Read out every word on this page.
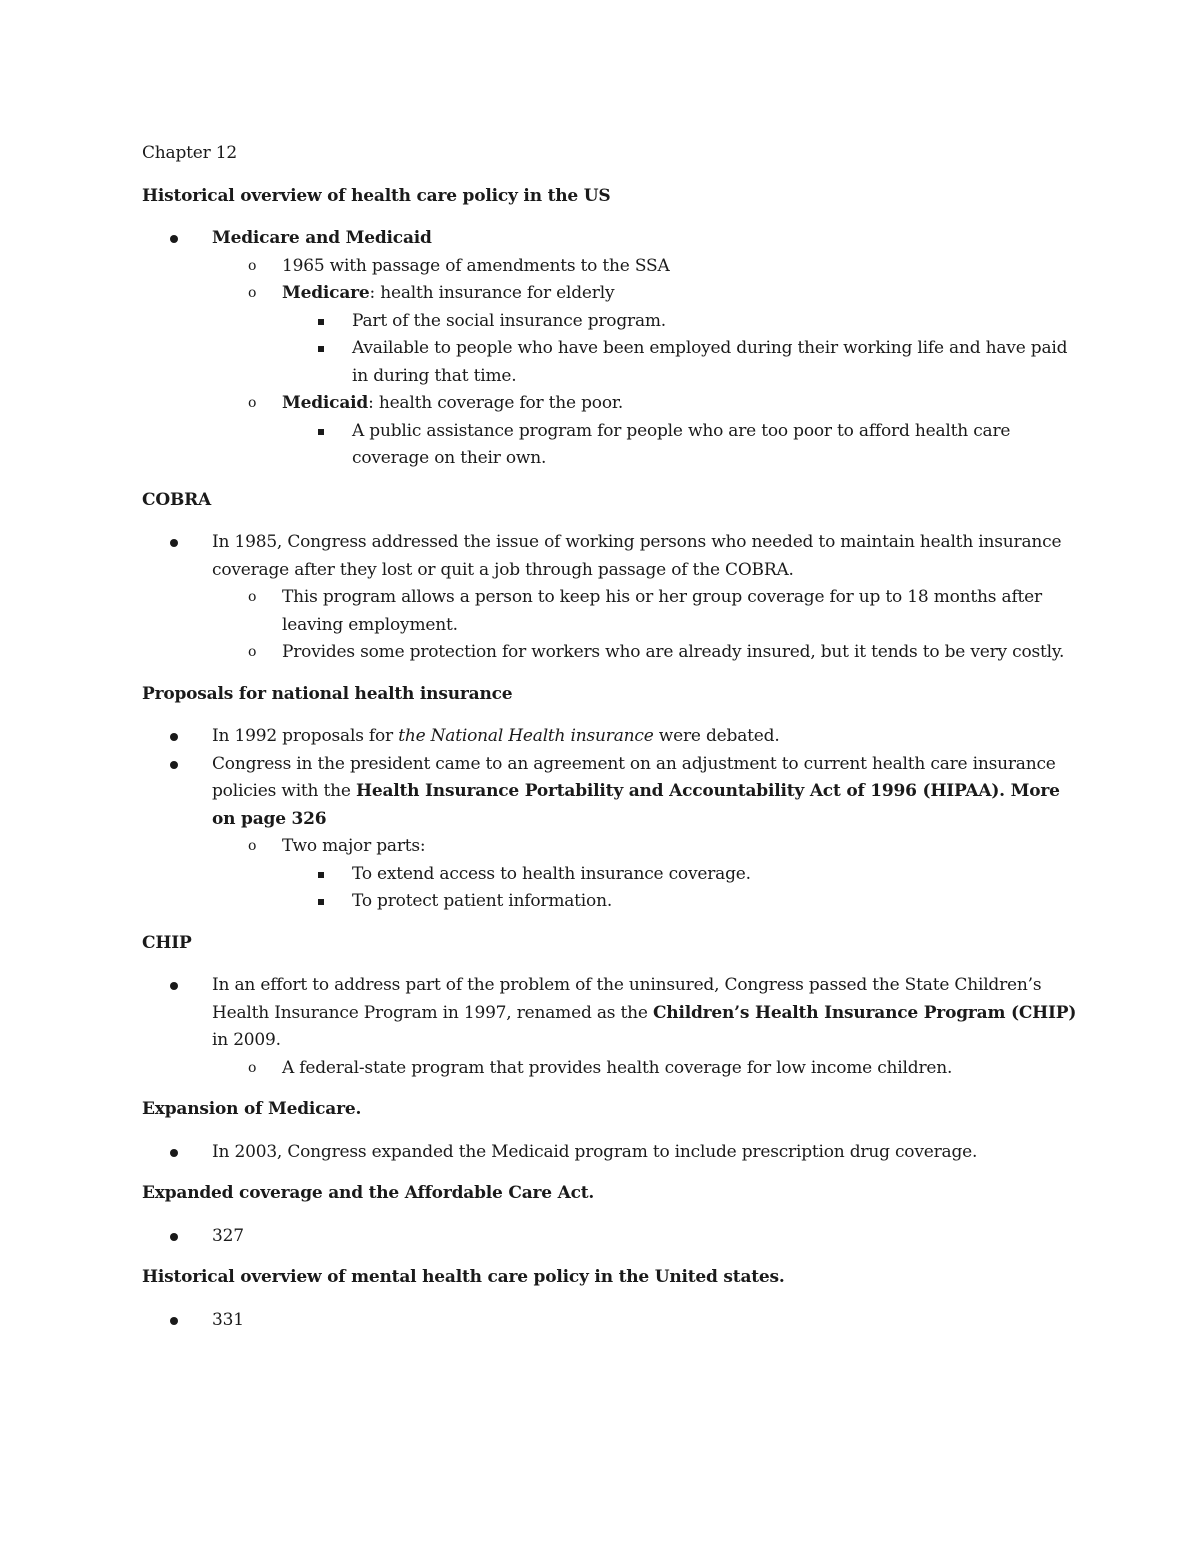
Chapter 12

Historical overview of health care policy in the US

Medicare and Medicaid
o 1965 with passage of amendments to the SSA
o Medicare: health insurance for elderly
Part of the social insurance program.
Available to people who have been employed during their working life and have paid in during that time.
o Medicaid: health coverage for the poor.
A public assistance program for people who are too poor to afford health care coverage on their own.

COBRA

In 1985, Congress addressed the issue of working persons who needed to maintain health insurance coverage after they lost or quit a job through passage of the COBRA.
o This program allows a person to keep his or her group coverage for up to 18 months after leaving employment.
o Provides some protection for workers who are already insured, but it tends to be very costly.

Proposals for national health insurance

In 1992 proposals for the National Health insurance were debated.
Congress in the president came to an agreement on an adjustment to current health care insurance policies with the Health Insurance Portability and Accountability Act of 1996 (HIPAA). More on page 326
o Two major parts:
To extend access to health insurance coverage.
To protect patient information.

CHIP

In an effort to address part of the problem of the uninsured, Congress passed the State Children’s Health Insurance Program in 1997, renamed as the Children’s Health Insurance Program (CHIP) in 2009.
o A federal-state program that provides health coverage for low income children.

Expansion of Medicare.

In 2003, Congress expanded the Medicaid program to include prescription drug coverage.

Expanded coverage and the Affordable Care Act.

327

Historical overview of mental health care policy in the United states.

331
